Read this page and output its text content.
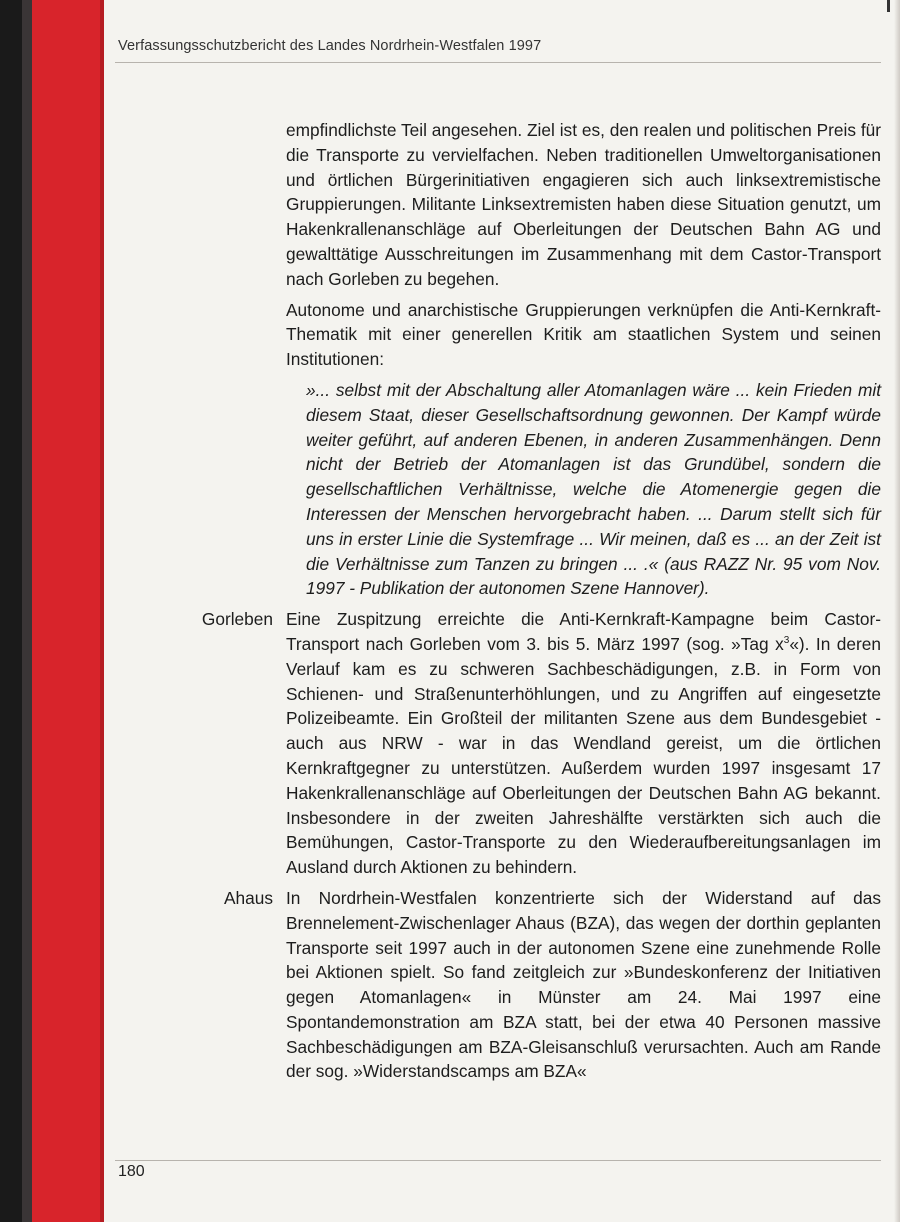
Verfassungsschutzbericht des Landes Nordrhein-Westfalen 1997

empfindlichste Teil angesehen. Ziel ist es, den realen und politischen Preis für die Transporte zu vervielfachen. Neben traditionellen Umweltorganisationen und örtlichen Bürgerinitiativen engagieren sich auch linksextremistische Gruppierungen. Militante Linksextremisten haben diese Situation genutzt, um Hakenkrallenanschläge auf Oberleitungen der Deutschen Bahn AG und gewalttätige Ausschreitungen im Zusammenhang mit dem Castor-Transport nach Gorleben zu begehen.

Autonome und anarchistische Gruppierungen verknüpfen die Anti-Kernkraft-Thematik mit einer generellen Kritik am staatlichen System und seinen Institutionen:

»... selbst mit der Abschaltung aller Atomanlagen wäre ... kein Frieden mit diesem Staat, dieser Gesellschaftsordnung gewonnen. Der Kampf würde weiter geführt, auf anderen Ebenen, in anderen Zusammenhängen. Denn nicht der Betrieb der Atomanlagen ist das Grundübel, sondern die gesellschaftlichen Verhältnisse, welche die Atomenergie gegen die Interessen der Menschen hervorgebracht haben. ... Darum stellt sich für uns in erster Linie die Systemfrage ... Wir meinen, daß es ... an der Zeit ist die Verhältnisse zum Tanzen zu bringen ... .« (aus RAZZ Nr. 95 vom Nov. 1997 - Publikation der autonomen Szene Hannover).

Eine Zuspitzung erreichte die Anti-Kernkraft-Kampagne beim Castor-Transport nach Gorleben vom 3. bis 5. März 1997 (sog. »Tag $x^3«$). In deren Verlauf kam es zu schweren Sachbeschädigungen, z.B. in Form von Schienen- und Straßenunterhöhlungen, und zu Angriffen auf eingesetzte Polizeibeamte. Ein Großteil der militanten Szene aus dem Bundesgebiet - auch aus NRW - war in das Wendland gereist, um die örtlichen Kernkraftgegner zu unterstützen. Außerdem wurden 1997 insgesamt 17 Hakenkrallenanschläge auf Oberleitungen der Deutschen Bahn AG bekannt. Insbesondere in der zweiten Jahreshälfte verstärkten sich auch die Bemühungen, Castor-Transporte zu den Wiederaufbereitungsanlagen im Ausland durch Aktionen zu behindern.

In Nordrhein-Westfalen konzentrierte sich der Widerstand auf das Brennelement-Zwischenlager Ahaus (BZA), das wegen der dorthin geplanten Transporte seit 1997 auch in der autonomen Szene eine zunehmende Rolle bei Aktionen spielt. So fand zeitgleich zur »Bundeskonferenz der Initiativen gegen Atomanlagen« in Münster am 24. Mai 1997 eine Spontandemonstration am BZA statt, bei der etwa 40 Personen massive Sachbeschädigungen am BZA-Gleisanschluß verursachten. Auch am Rande der sog. »Widerstandscamps am BZA«

Gorleben
Ahaus
180
